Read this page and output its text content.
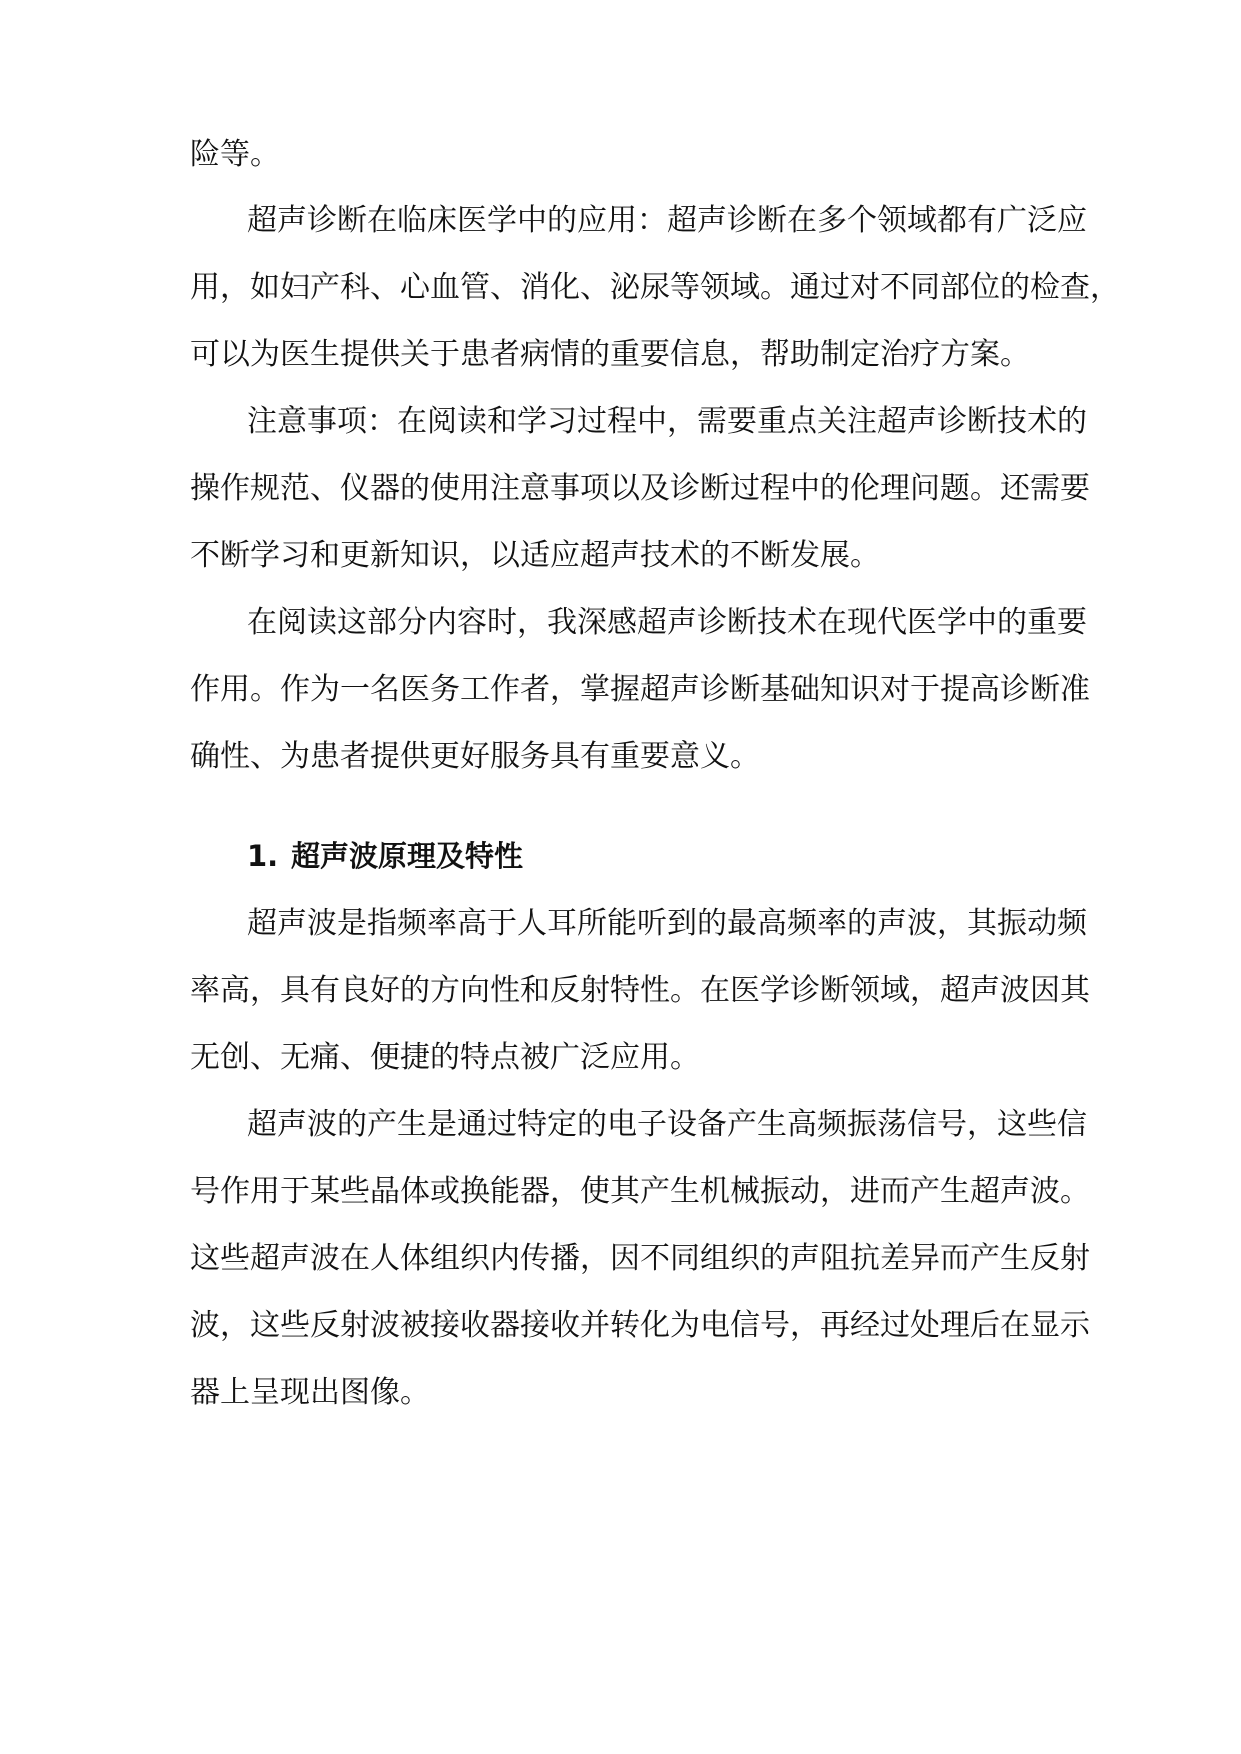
险等。
超声诊断在临床医学中的应用：超声诊断在多个领域都有广泛应
用，如妇产科、心血管、消化、泌尿等领域。通过对不同部位的检查，
可以为医生提供关于患者病情的重要信息，帮助制定治疗方案。
注意事项：在阅读和学习过程中，需要重点关注超声诊断技术的
操作规范、仪器的使用注意事项以及诊断过程中的伦理问题。还需要
不断学习和更新知识，以适应超声技术的不断发展。
在阅读这部分内容时，我深感超声诊断技术在现代医学中的重要
作用。作为一名医务工作者，掌握超声诊断基础知识对于提高诊断准
确性、为患者提供更好服务具有重要意义。
1. 超声波原理及特性
超声波是指频率高于人耳所能听到的最高频率的声波，其振动频
率高，具有良好的方向性和反射特性。在医学诊断领域，超声波因其
无创、无痛、便捷的特点被广泛应用。
超声波的产生是通过特定的电子设备产生高频振荡信号，这些信
号作用于某些晶体或换能器，使其产生机械振动，进而产生超声波。
这些超声波在人体组织内传播，因不同组织的声阻抗差异而产生反射
波，这些反射波被接收器接收并转化为电信号，再经过处理后在显示
器上呈现出图像。
